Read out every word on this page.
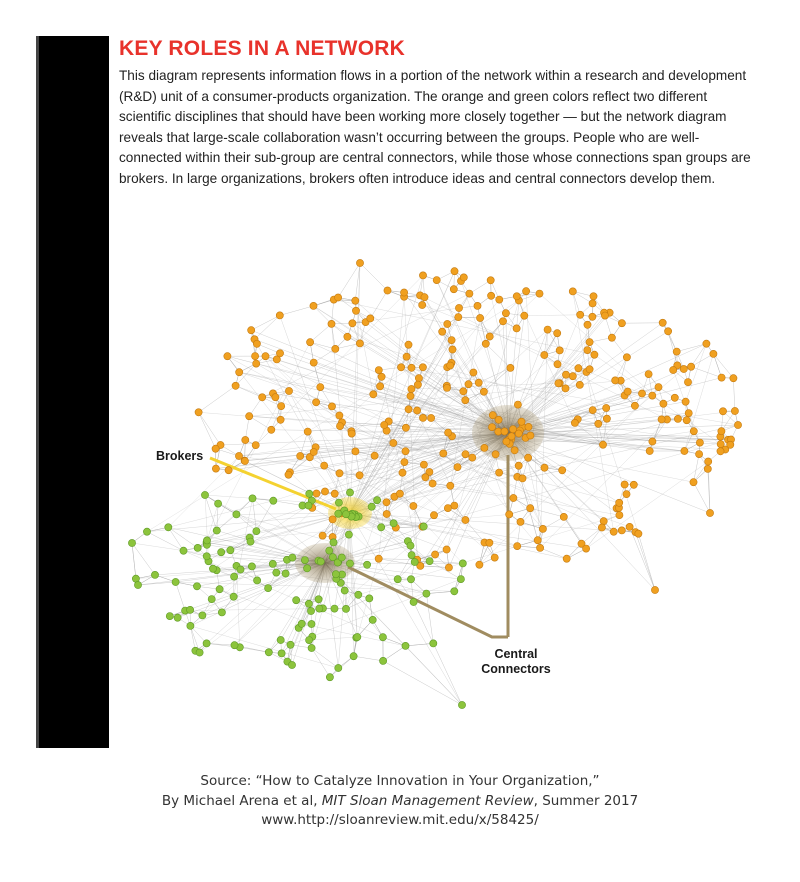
KEY ROLES IN A NETWORK

This diagram represents information flows in a portion of the network within a research and development (R&D) unit of a consumer-products organization. The orange and green colors reflect two different scientific disciplines that should have been working more closely together — but the network diagram reveals that large-scale collaboration wasn’t occurring between the groups. People who are well-connected within their sub-group are central connectors, while those whose connections span groups are brokers. In large organizations, brokers often introduce ideas and central connectors develop them.

Brokers
Central
Connectors
Source: “How to Catalyze Innovation in Your Organization,”
By Michael Arena et al, MIT Sloan Management Review, Summer 2017
www.http://sloanreview.mit.edu/x/58425/
